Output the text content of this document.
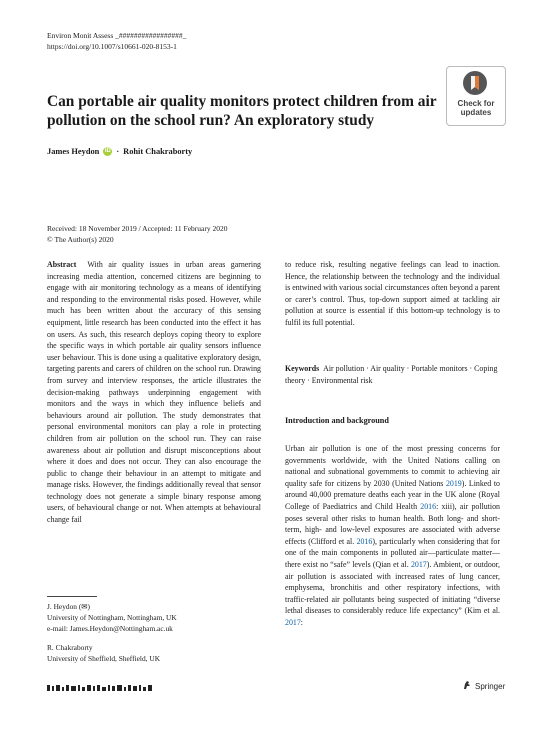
Environ Monit Assess _#################_
https://doi.org/10.1007/s10661-020-8153-1
Check for
updates
Can portable air quality monitors protect children from air pollution on the school run? An exploratory study
James Heydon iD · Rohit Chakraborty
Received: 18 November 2019 / Accepted: 11 February 2020
© The Author(s) 2020

Abstract With air quality issues in urban areas garnering increasing media attention, concerned citizens are beginning to engage with air monitoring technology as a means of identifying and responding to the environmental risks posed. However, while much has been written about the accuracy of this sensing equipment, little research has been conducted into the effect it has on users. As such, this research deploys coping theory to explore the specific ways in which portable air quality sensors influence user behaviour. This is done using a qualitative exploratory design, targeting parents and carers of children on the school run. Drawing from survey and interview responses, the article illustrates the decision-making pathways underpinning engagement with monitors and the ways in which they influence beliefs and behaviours around air pollution. The study demonstrates that personal environmental monitors can play a role in protecting children from air pollution on the school run. They can raise awareness about air pollution and disrupt misconceptions about where it does and does not occur. They can also encourage the public to change their behaviour in an attempt to mitigate and manage risks. However, the findings additionally reveal that sensor technology does not generate a simple binary response among users, of behavioural change or not. When attempts at behavioural change fail

to reduce risk, resulting negative feelings can lead to inaction. Hence, the relationship between the technology and the individual is entwined with various social circumstances often beyond a parent or carer’s control. Thus, top-down support aimed at tackling air pollution at source is essential if this bottom-up technology is to fulfil its full potential.

Keywords Air pollution · Air quality · Portable monitors · Coping theory · Environmental risk
Introduction and background

Urban air pollution is one of the most pressing concerns for governments worldwide, with the United Nations calling on national and subnational governments to commit to achieving air quality safe for citizens by 2030 (United Nations 2019). Linked to around 40,000 premature deaths each year in the UK alone (Royal College of Paediatrics and Child Health 2016: xiii), air pollution poses several other risks to human health. Both long- and short-term, high- and low-level exposures are associated with adverse effects (Clifford et al. 2016), particularly when considering that for one of the main components in polluted air—particulate matter—there exist no “safe” levels (Qian et al. 2017). Ambient, or outdoor, air pollution is associated with increased rates of lung cancer, emphysema, bronchitis and other respiratory infections, with traffic-related air pollutants being suspected of initiating “diverse lethal diseases to considerably reduce life expectancy” (Kim et al. 2017:

J. Heydon (✉)
University of Nottingham, Nottingham, UK
e-mail: James.Heydon@Nottingham.ac.uk
R. Chakraborty
University of Sheffield, Sheffield, UK
Springer
